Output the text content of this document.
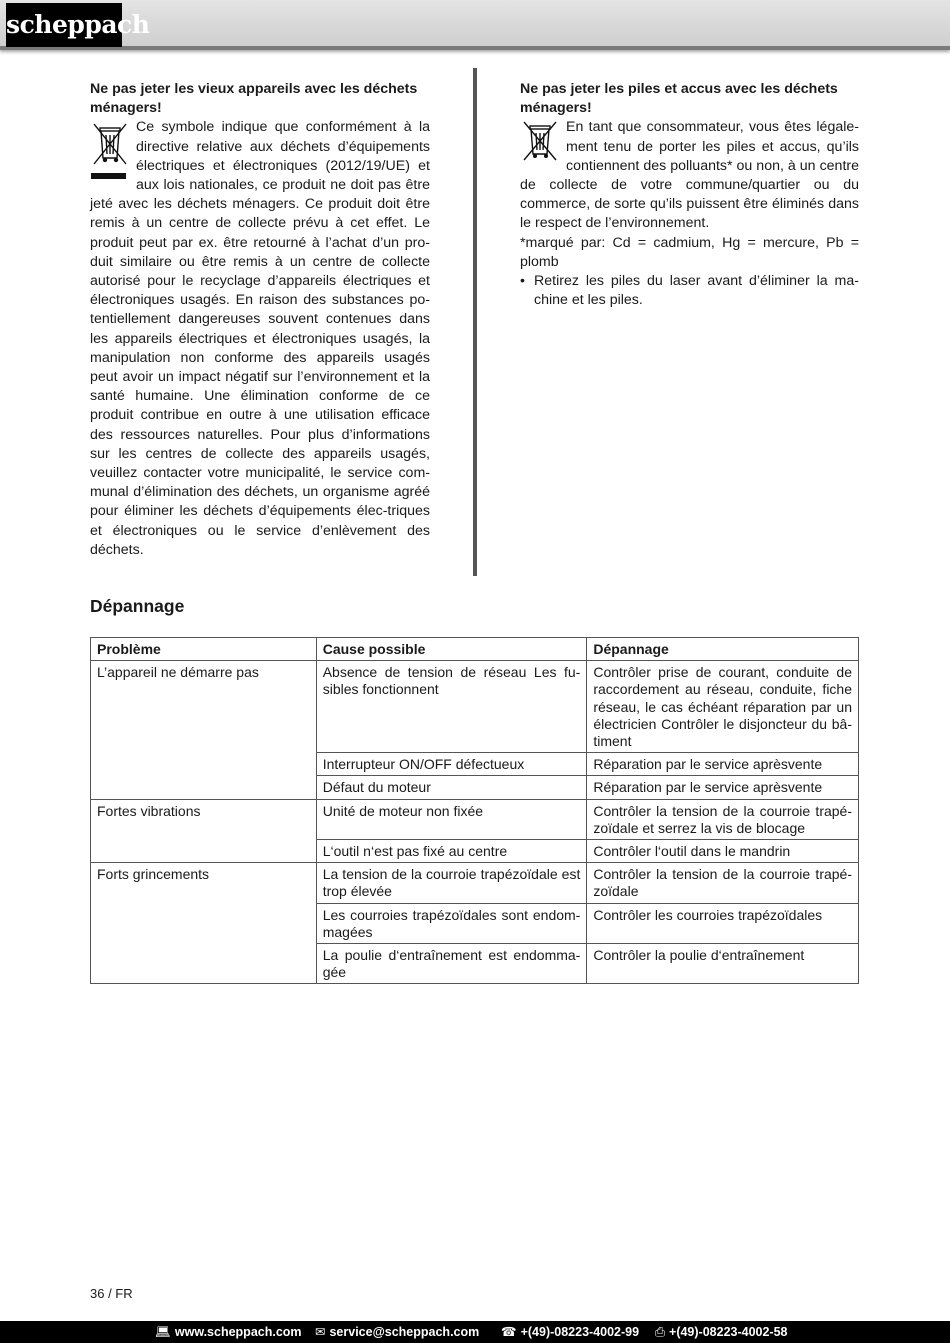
scheppach

Ne pas jeter les vieux appareils avec les déchets ménagers!

Ce symbole indique que conformément à la directive relative aux déchets d’équipements électriques et électroniques (2012/19/UE) et aux lois nationales, ce produit ne doit pas être jeté avec les déchets ménagers. Ce produit doit être remis à un centre de collecte prévu à cet effet. Le produit peut par ex. être retourné à l’achat d’un pro-duit similaire ou être remis à un centre de collecte autorisé pour le recyclage d’appareils électriques et électroniques usagés. En raison des substances po-tentiellement dangereuses souvent contenues dans les appareils électriques et électroniques usagés, la manipulation non conforme des appareils usagés peut avoir un impact négatif sur l’environnement et la santé humaine. Une élimination conforme de ce produit contribue en outre à une utilisation efficace des ressources naturelles. Pour plus d’informations sur les centres de collecte des appareils usagés, veuillez contacter votre municipalité, le service com-munal d’élimination des déchets, un organisme agréé pour éliminer les déchets d’équipements élec-triques et électroniques ou le service d’enlèvement des déchets.

Ne pas jeter les piles et accus avec les déchets ménagers!

En tant que consommateur, vous êtes légale-ment tenu de porter les piles et accus, qu’ils contiennent des polluants* ou non, à un centre de collecte de votre commune/quartier ou du commerce, de sorte qu’ils puissent être éliminés dans le respect de l’environnement.

*marqué par: Cd = cadmium, Hg = mercure, Pb = plomb

• Retirez les piles du laser avant d’éliminer la ma-chine et les piles.

Dépannage
Problème	Cause possible	Dépannage
L’appareil ne démarre pas	Absence de tension de réseau Les fu-sibles fonctionnent	Contrôler prise de courant, conduite de raccordement au réseau, conduite, fiche réseau, le cas échéant réparation par un électricien Contrôler le disjoncteur du bâ-timent
	Interrupteur ON/OFF défectueux	Réparation par le service aprèsvente
	Défaut du moteur	Réparation par le service aprèsvente
Fortes vibrations	Unité de moteur non fixée	Contrôler la tension de la courroie trapé-zoïdale et serrez la vis de blocage
	L‘outil n‘est pas fixé au centre	Contrôler l‘outil dans le mandrin
Forts grincements	La tension de la courroie trapézoïdale est trop élevée	Contrôler la tension de la courroie trapé-zoïdale
	Les courroies trapézoïdales sont endom-magées	Contrôler les courroies trapézoïdales
	La poulie d‘entraînement est endomma-gée	Contrôler la poulie d‘entraînement
36 / FR
💻︎ www.scheppach.com ✉︎ service@scheppach.com ☎︎ +(49)-08223-4002-99 ⎙ +(49)-08223-4002-58
